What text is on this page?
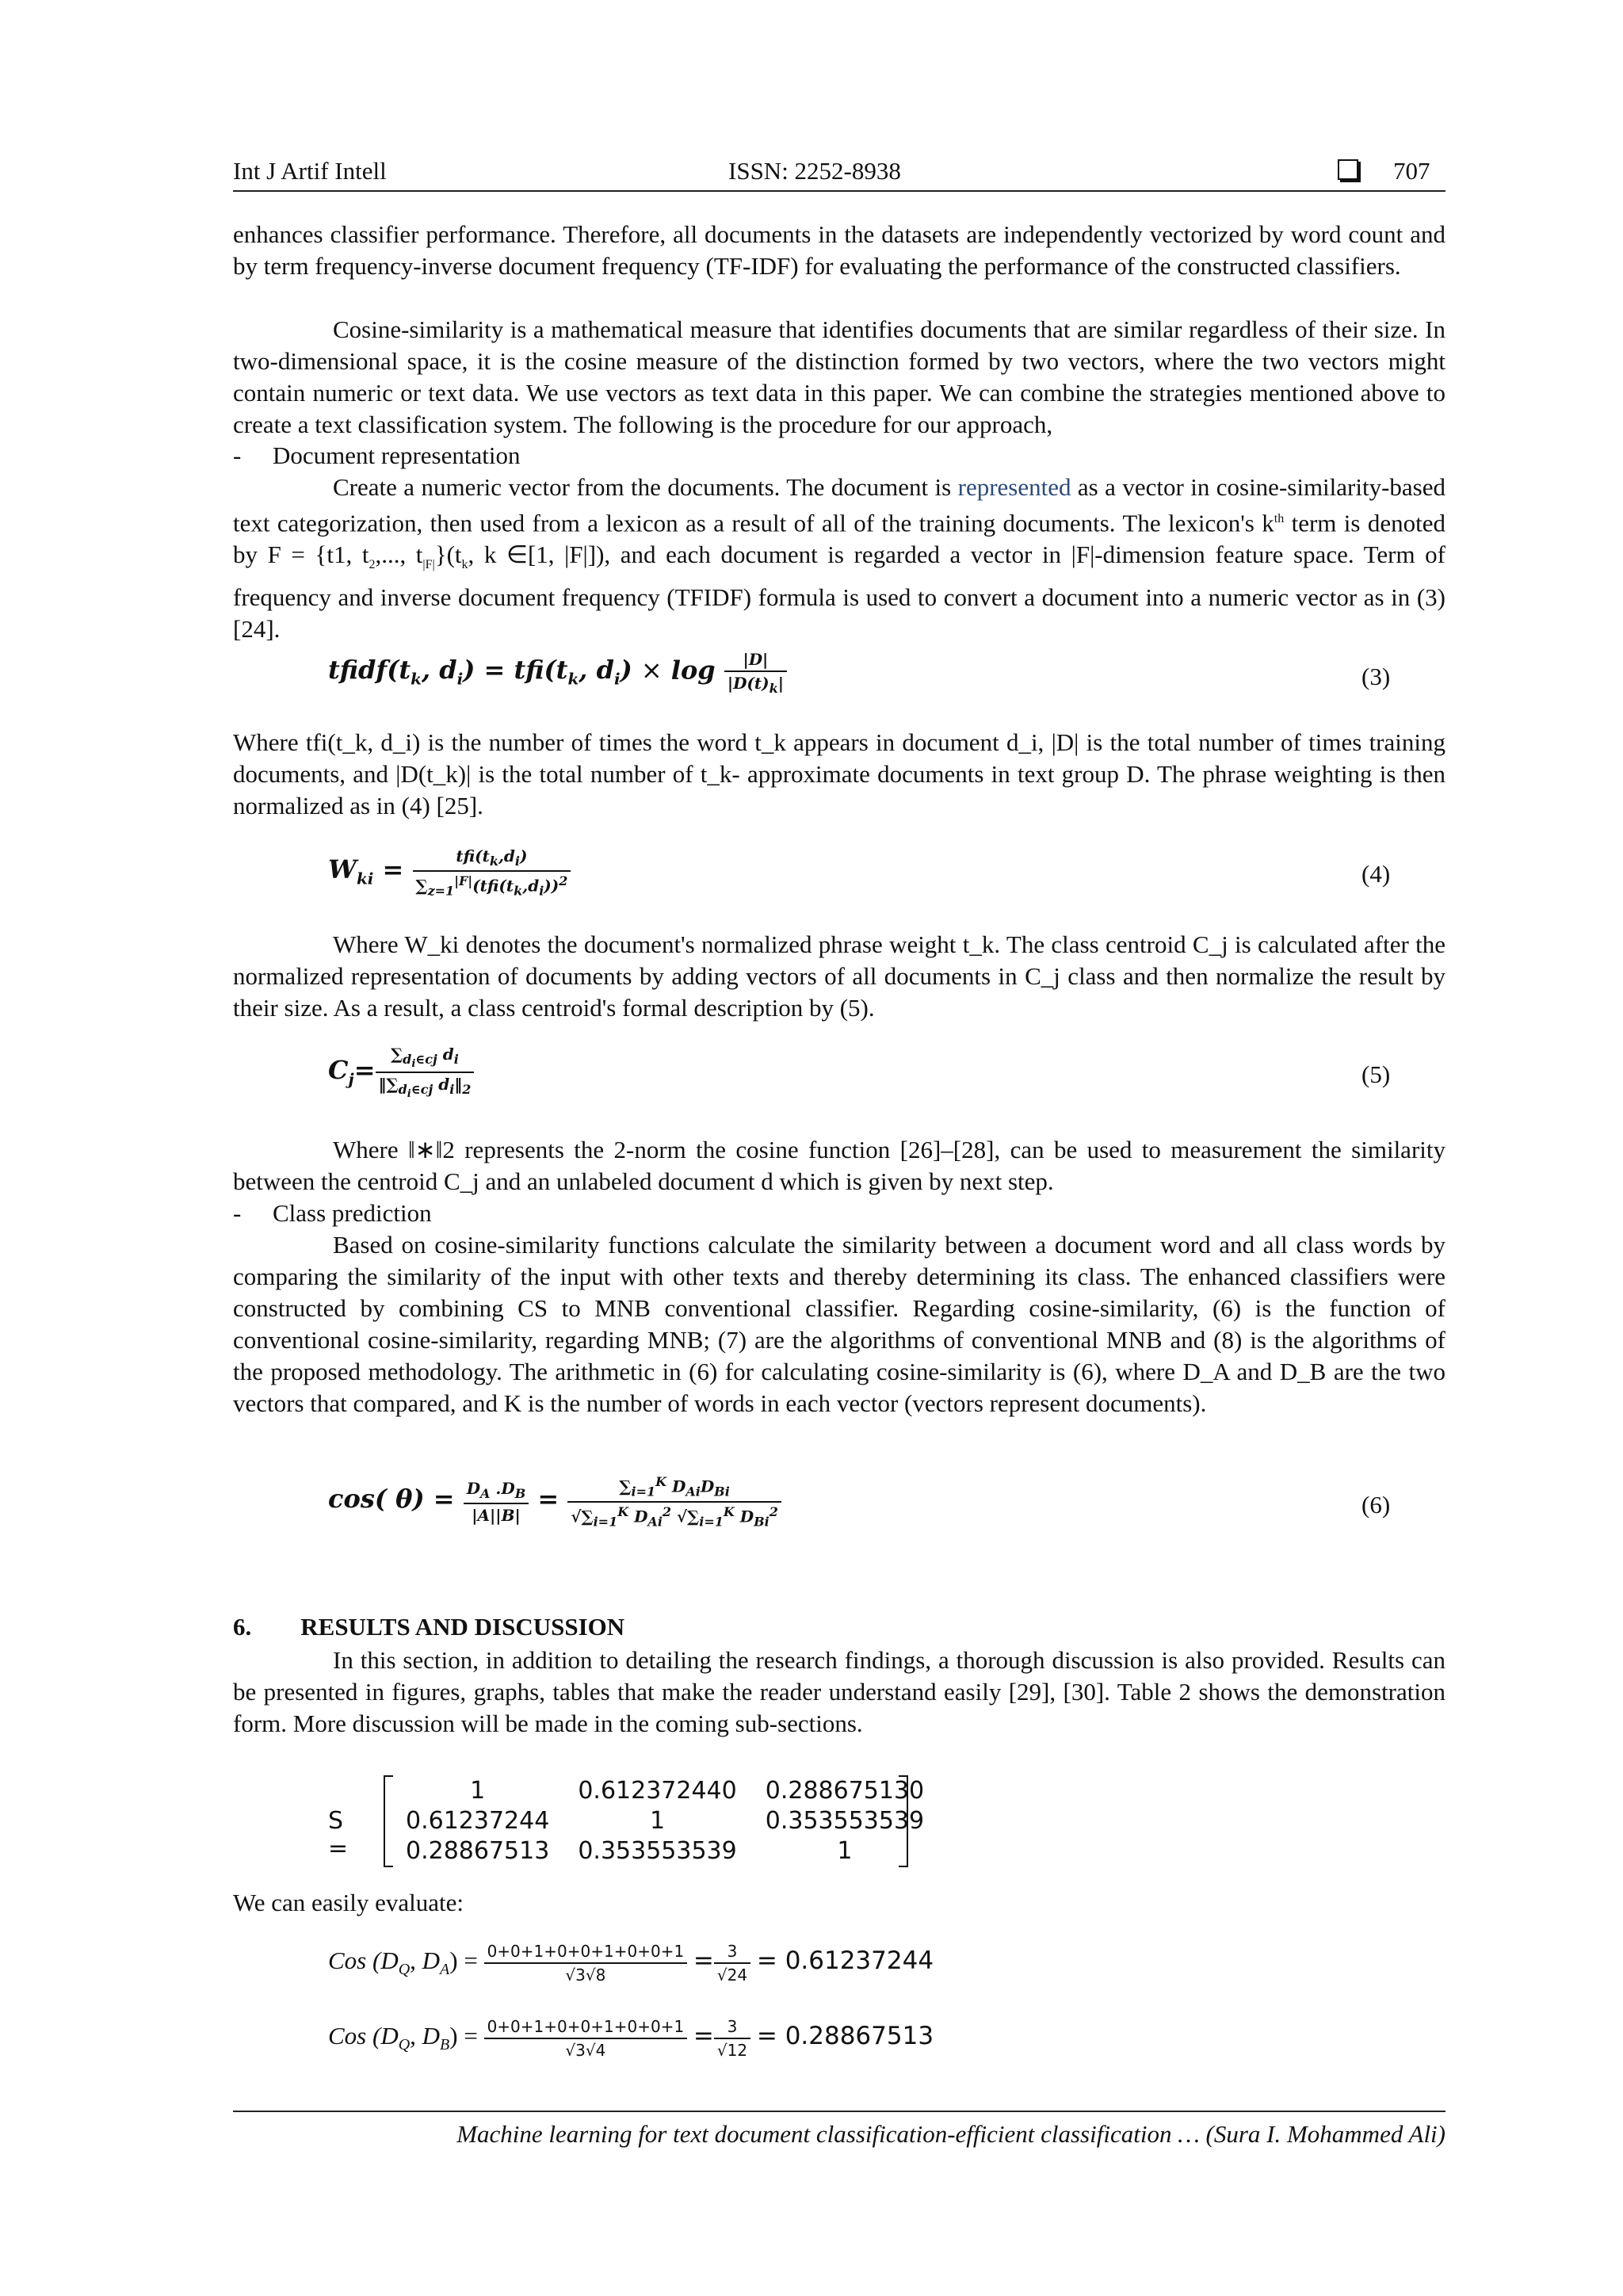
Int J Artif Intell	ISSN: 2252-8938	707

enhances classifier performance. Therefore, all documents in the datasets are independently vectorized by word count and by term frequency-inverse document frequency (TF-IDF) for evaluating the performance of the constructed classifiers.

Cosine-similarity is a mathematical measure that identifies documents that are similar regardless of their size. In two-dimensional space, it is the cosine measure of the distinction formed by two vectors, where the two vectors might contain numeric or text data. We use vectors as text data in this paper. We can combine the strategies mentioned above to create a text classification system. The following is the procedure for our approach,

- Document representation

Create a numeric vector from the documents. The document is represented as a vector in cosine-similarity-based text categorization, then used from a lexicon as a result of all of the training documents. The lexicon's $k^{th}$ term is denoted by F = {t1, $t_2$,..., $t_{|F|}\}(t_k$, k ∈[1, |F|]), and each document is regarded a vector in |F|-dimension feature space. Term of frequency and inverse document frequency (TFIDF) formula is used to convert a document into a numeric vector as in (3) [24].

$tfidf(t_k$, $d_i) = tfi(t_k$, $d_i) \times \log \frac{|D|}{|D(t)_k|}$	(3)

Where tfi(t_k, d_i) is the number of times the word t_k appears in document d_i, |D| is the total number of times training documents, and |D(t_k)| is the total number of t_k- approximate documents in text group D. The phrase weighting is then normalized as in (4) [25].

$W_{ki} = \frac{tfi(t_k,d_i)}{\sum_{z=1}^{|F|}(tfi(t_k,d_i))^2}$	(4)

Where W_ki denotes the document's normalized phrase weight t_k. The class centroid C_j is calculated after the normalized representation of documents by adding vectors of all documents in C_j class and then normalize the result by their size. As a result, a class centroid's formal description by (5).

$C_j= \frac{\sum_{d_i\in cj} d_i}{‖\sum_{d_i\in cj} d_i‖_2}$	(5)

Where ‖∗‖2 represents the 2-norm the cosine function [26]–[28], can be used to measurement the similarity between the centroid C_j and an unlabeled document d which is given by next step.

- Class prediction

Based on cosine-similarity functions calculate the similarity between a document word and all class words by comparing the similarity of the input with other texts and thereby determining its class. The enhanced classifiers were constructed by combining CS to MNB conventional classifier. Regarding cosine-similarity, (6) is the function of conventional cosine-similarity, regarding MNB; (7) are the algorithms of conventional MNB and (8) is the algorithms of the proposed methodology. The arithmetic in (6) for calculating cosine-similarity is (6), where D_A and D_B are the two vectors that compared, and K is the number of words in each vector (vectors represent documents).

cos( $\theta) = \frac{D_A .D_B}{|A||B|} = \frac{\sum_{i=1}^K D_{Ai}D_{Bi}}{√\sum_{i=1}^K D_{Ai}^2 √\sum_{i=1}^K D_{Bi}^2}$	(6)
6.  RESULTS AND DISCUSSION

In this section, in addition to detailing the research findings, a thorough discussion is also provided. Results can be presented in figures, graphs, tables that make the reader understand easily [29], [30]. Table 2 shows the demonstration form. More discussion will be made in the coming sub-sections.

S =
1	0.612372440	0.288675130
0.61237244	1	0.353553539
0.28867513	0.353553539	1

We can easily evaluate:

Cos ($D_Q$, $D_A) = \frac{0+0+1+0+0+1+0+0+1}{√3√8} = \frac{3}{√24} = 0.61237244$
Cos ($D_Q$, $D_B) = \frac{0+0+1+0+0+1+0+0+1}{√3√4} = \frac{3}{√12} = 0.28867513$
Machine learning for text document classification-efficient classification … (Sura I. Mohammed Ali)
